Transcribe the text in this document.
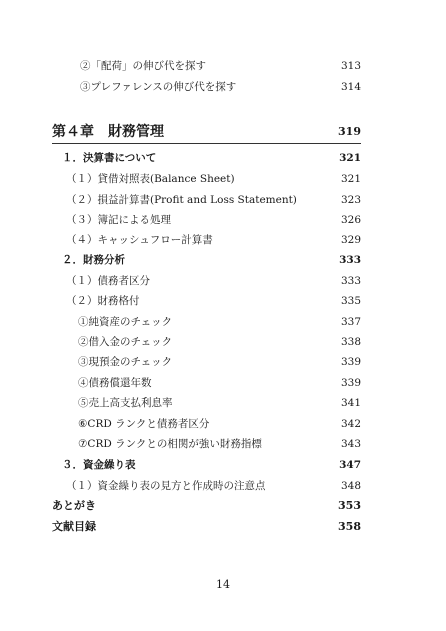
②「配荷」の伸び代を探す	313
③プレファレンスの伸び代を探す	314
第４章　財務管理	319
１．決算書について	321
（１）貸借対照表(Balance Sheet)	321
（２）損益計算書(Profit and Loss Statement)	323
（３）簿記による処理	326
（４）キャッシュフロー計算書	329
２．財務分析	333
（１）債務者区分	333
（２）財務格付	335
①純資産のチェック	337
②借入金のチェック	338
③現預金のチェック	339
④債務償還年数	339
⑤売上高支払利息率	341
⑥CRD ランクと債務者区分	342
⑦CRD ランクとの相関が強い財務指標	343
３．資金繰り表	347
（１）資金繰り表の見方と作成時の注意点	348
あとがき	353
文献目録	358
14
